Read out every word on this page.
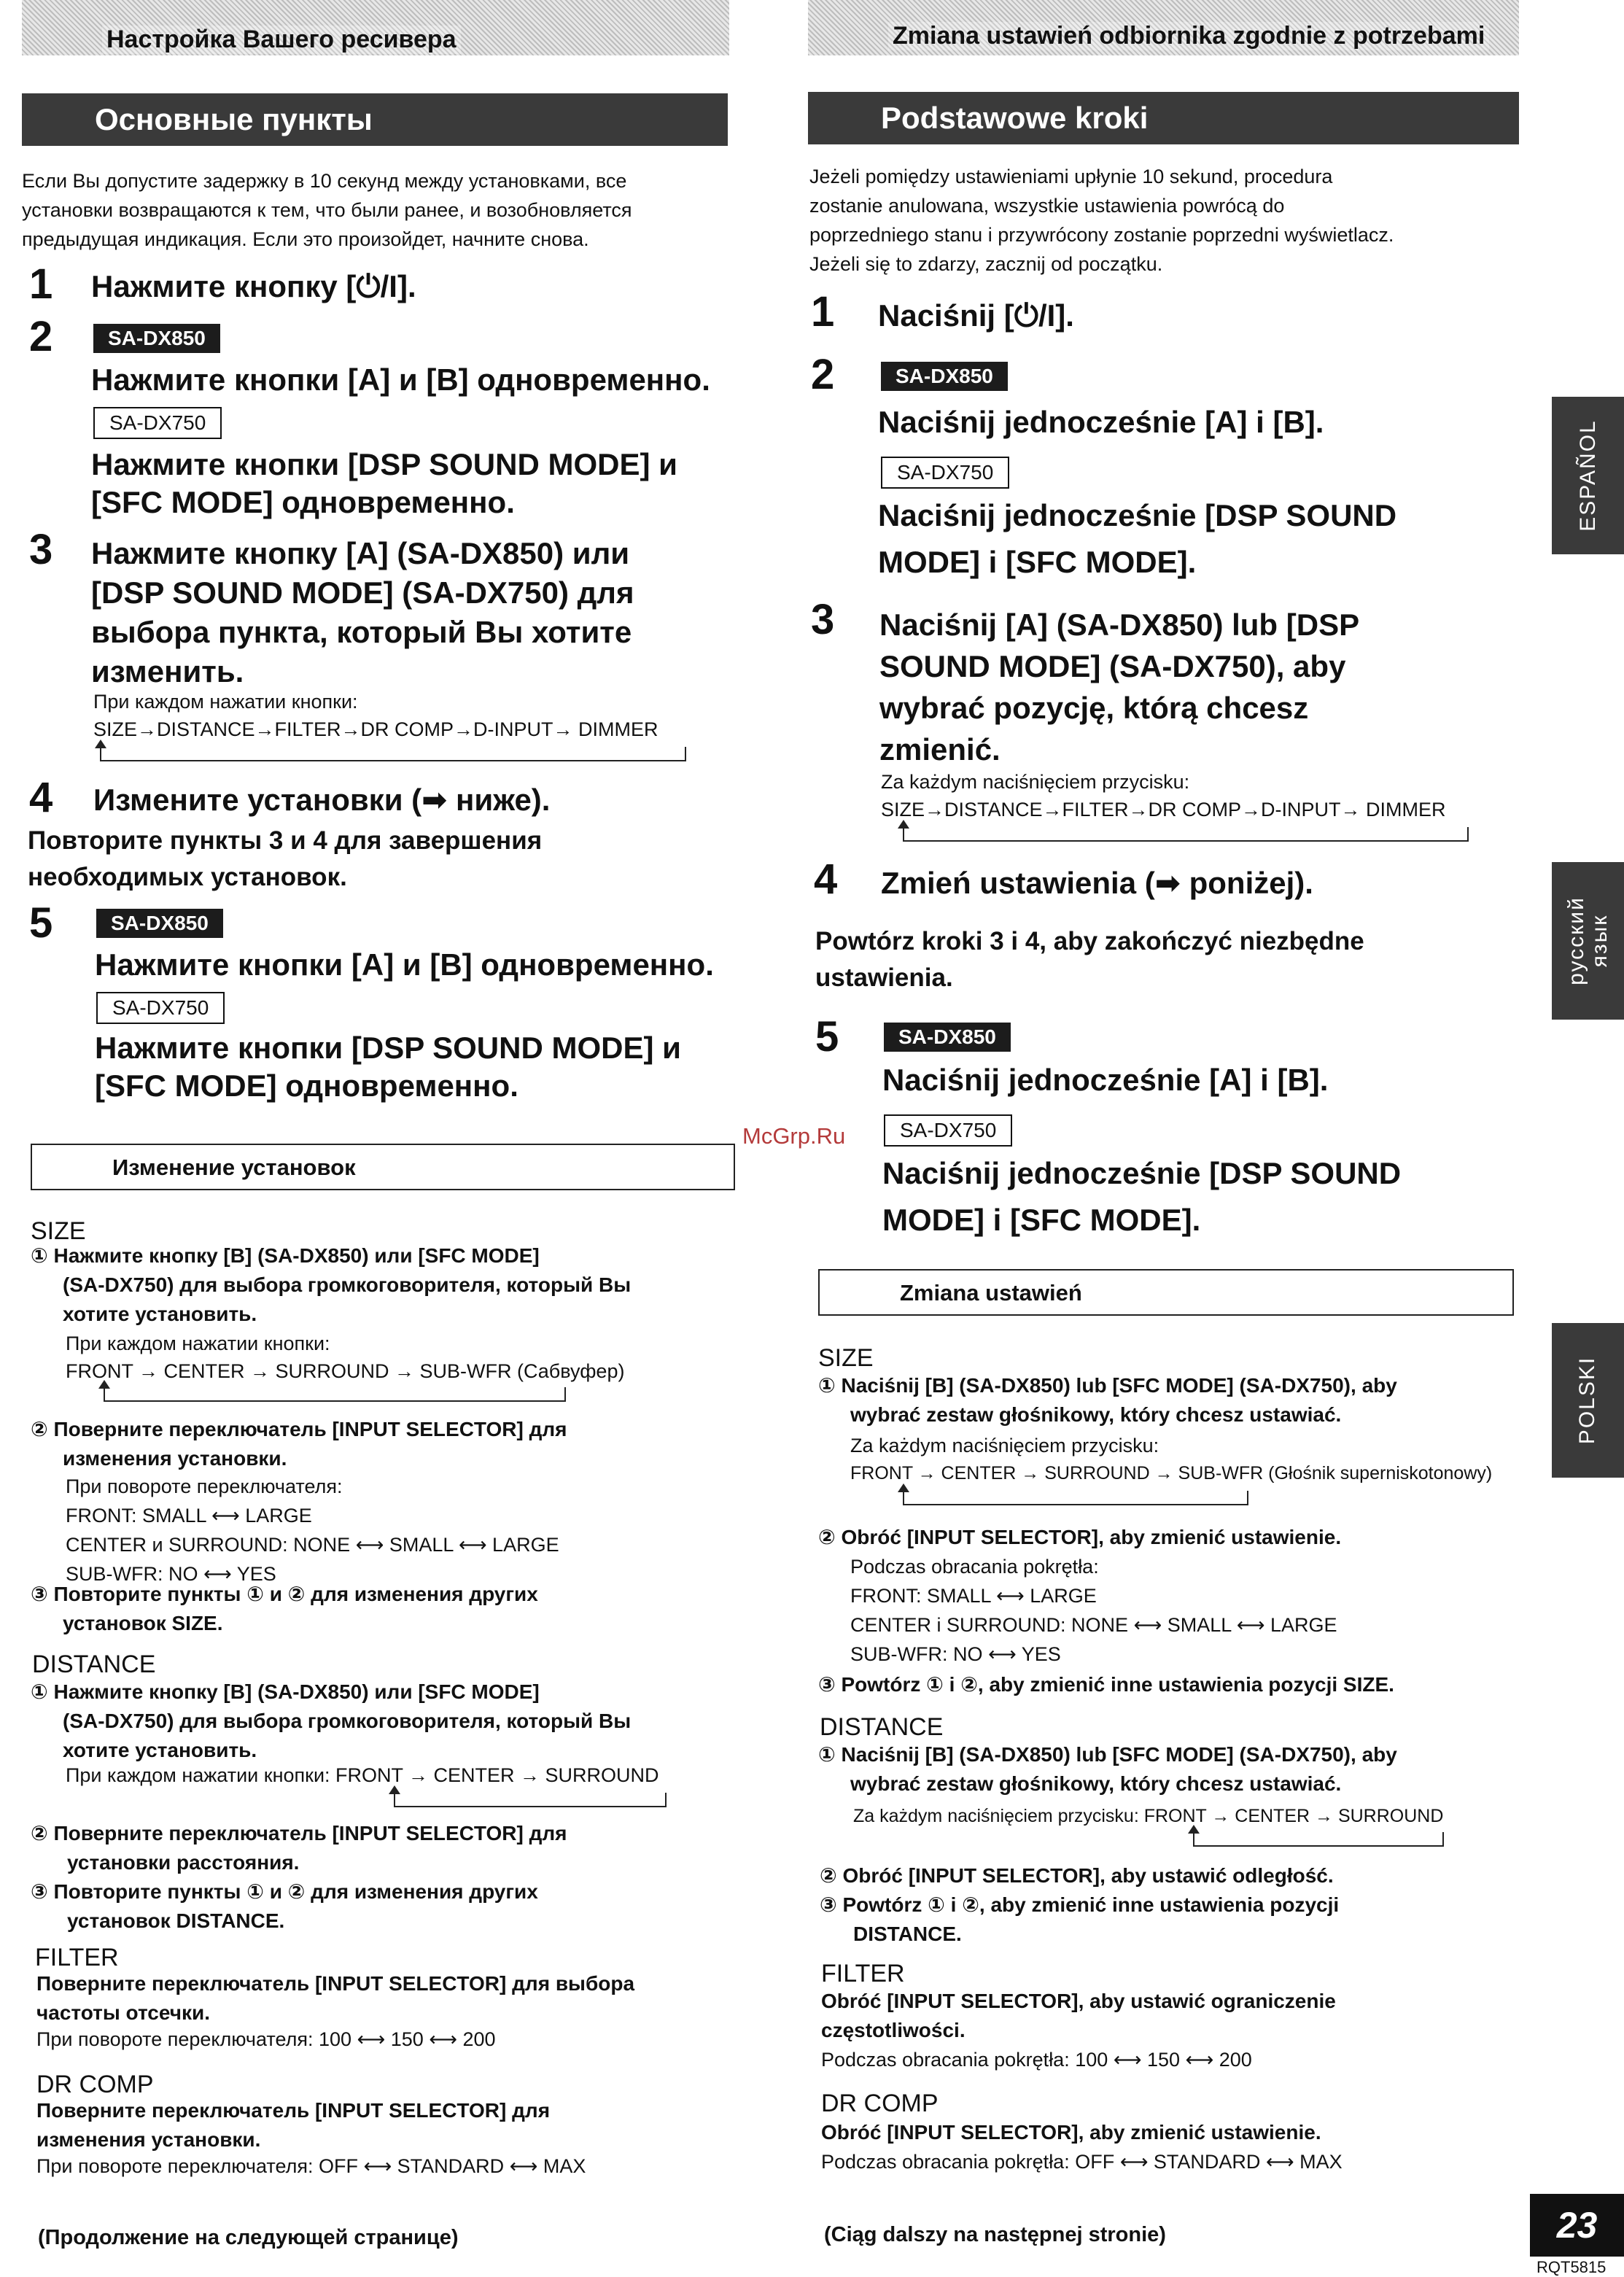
Настройка Вашего ресивера
Основные пункты
Если Вы допустите задержку в 10 секунд между установками, все
установки возвращаются к тем, что были ранее, и возобновляется
предыдущая индикация. Если это произойдет, начните снова.
1 Нажмите кнопку [⏻/I].
2	SA-DX850
Нажмите кнопки [A] и [B] одновременно.
SA-DX750
Нажмите кнопки [DSP SOUND MODE] и
[SFC MODE] одновременно.
3 Нажмите кнопку [A] (SA-DX850) или
[DSP SOUND MODE] (SA-DX750) для
выбора пункта, который Вы хотите
изменить.
При каждом нажатии кнопки:
SIZE→DISTANCE→FILTER→DR COMP→D-INPUT→ DIMMER
4 Измените установки (➡ ниже).
Повторите пункты 3 и 4 для завершения
необходимых установок.
5	SA-DX850
Нажмите кнопки [A] и [B] одновременно.
SA-DX750
Нажмите кнопки [DSP SOUND MODE] и
[SFC MODE] одновременно.
Изменение установок
SIZE
① Нажмите кнопку [B] (SA-DX850) или [SFC MODE]
(SA-DX750) для выбора громкоговорителя, который Вы
хотите установить.
При каждом нажатии кнопки:
FRONT → CENTER → SURROUND → SUB-WFR (Сабвуфер)
② Поверните переключатель [INPUT SELECTOR] для
изменения установки.
При повороте переключателя:
FRONT: SMALL ⟷ LARGE
CENTER и SURROUND: NONE ⟷ SMALL ⟷ LARGE
SUB-WFR: NO ⟷ YES
③ Повторите пункты ① и ② для изменения других
установок SIZE.
DISTANCE
① Нажмите кнопку [B] (SA-DX850) или [SFC MODE]
(SA-DX750) для выбора громкоговорителя, который Вы
хотите установить.
При каждом нажатии кнопки: FRONT → CENTER → SURROUND
② Поверните переключатель [INPUT SELECTOR] для
установки расстояния.
③ Повторите пункты ① и ② для изменения других
установок DISTANCE.
FILTER
Поверните переключатель [INPUT SELECTOR] для выбора
частоты отсечки.
При повороте переключателя: 100 ⟷ 150 ⟷ 200
DR COMP
Поверните переключатель [INPUT SELECTOR] для
изменения установки.
При повороте переключателя: OFF ⟷ STANDARD ⟷ MAX
(Продолжение на следующей странице)
McGrp.Ru
Zmiana ustawień odbiornika zgodnie z potrzebami
Podstawowe kroki
Jeżeli pomiędzy ustawieniami upłynie 10 sekund, procedura
zostanie anulowana, wszystkie ustawienia powrócą do
poprzedniego stanu i przywrócony zostanie poprzedni wyświetlacz.
Jeżeli się to zdarzy, zacznij od początku.
1 Naciśnij [⏻/I].
2	SA-DX850
Naciśnij jednocześnie [A] i [B].
SA-DX750
Naciśnij jednocześnie [DSP SOUND
MODE] i [SFC MODE].
3 Naciśnij [A] (SA-DX850) lub [DSP
SOUND MODE] (SA-DX750), aby
wybrać pozycję, którą chcesz
zmienić.
Za każdym naciśnięciem przycisku:
SIZE→DISTANCE→FILTER→DR COMP→D-INPUT→ DIMMER
4 Zmień ustawienia (➡ poniżej).
Powtórz kroki 3 i 4, aby zakończyć niezbędne
ustawienia.
5	SA-DX850
Naciśnij jednocześnie [A] i [B].
SA-DX750
Naciśnij jednocześnie [DSP SOUND
MODE] i [SFC MODE].
Zmiana ustawień
SIZE
① Naciśnij [B] (SA-DX850) lub [SFC MODE] (SA-DX750), aby
wybrać zestaw głośnikowy, który chcesz ustawiać.
Za każdym naciśnięciem przycisku:
FRONT → CENTER → SURROUND → SUB-WFR (Głośnik superniskotonowy)
② Obróć [INPUT SELECTOR], aby zmienić ustawienie.
Podczas obracania pokrętła:
FRONT: SMALL ⟷ LARGE
CENTER i SURROUND: NONE ⟷ SMALL ⟷ LARGE
SUB-WFR: NO ⟷ YES
③ Powtórz ① i ②, aby zmienić inne ustawienia pozycji SIZE.
DISTANCE
① Naciśnij [B] (SA-DX850) lub [SFC MODE] (SA-DX750), aby
wybrać zestaw głośnikowy, który chcesz ustawiać.
Za każdym naciśnięciem przycisku: FRONT → CENTER → SURROUND
② Obróć [INPUT SELECTOR], aby ustawić odległość.
③ Powtórz ① i ②, aby zmienić inne ustawienia pozycji
DISTANCE.
FILTER
Obróć [INPUT SELECTOR], aby ustawić ograniczenie
częstotliwości.
Podczas obracania pokrętła: 100 ⟷ 150 ⟷ 200
DR COMP
Obróć [INPUT SELECTOR], aby zmienić ustawienie.
Podczas obracania pokrętła: OFF ⟷ STANDARD ⟷ MAX
(Ciąg dalszy na następnej stronie)
ESPAÑOL
русский язык
POLSKI
23
RQT5815
